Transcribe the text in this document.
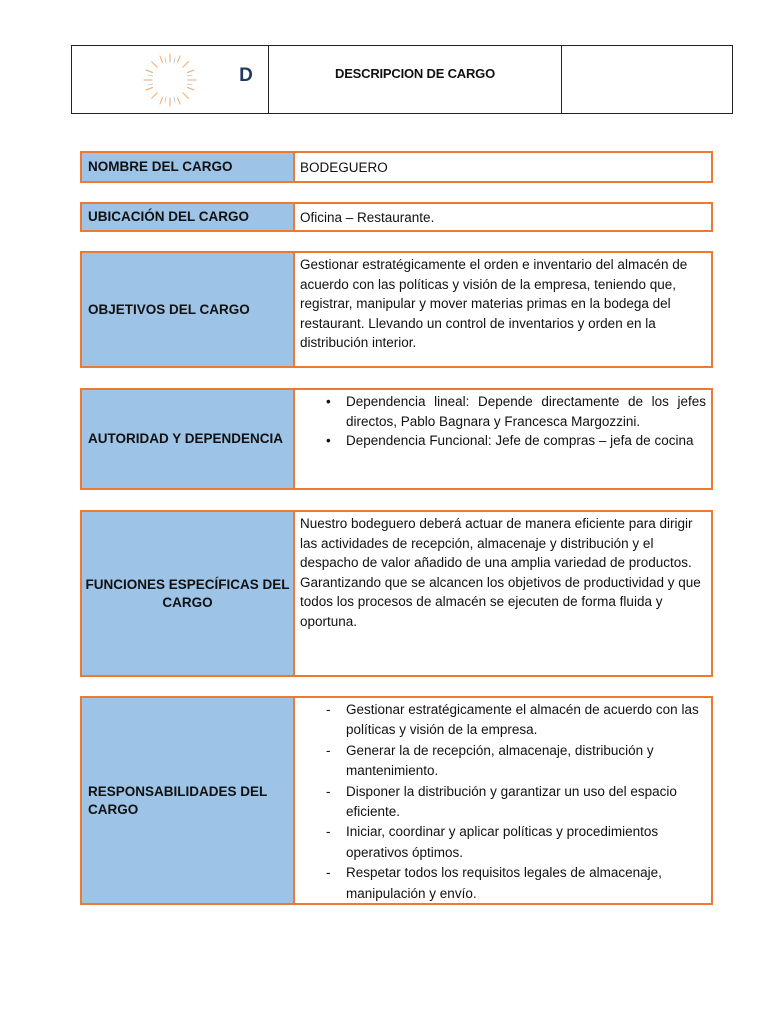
D	DESCRIPCION DE CARGO
NOMBRE DEL CARGO	BODEGUERO
UBICACIÓN DEL CARGO	Oficina – Restaurante.
OBJETIVOS DEL CARGO
Gestionar estratégicamente el orden e inventario del almacén de acuerdo con las políticas y visión de la empresa, teniendo que, registrar, manipular y mover materias primas en la bodega del restaurant. Llevando un control de inventarios y orden en la distribución interior.
AUTORIDAD Y DEPENDENCIA
• Dependencia lineal: Depende directamente de los jefes directos, Pablo Bagnara y Francesca Margozzini.
• Dependencia Funcional: Jefe de compras – jefa de cocina
FUNCIONES ESPECÍFICAS DEL CARGO
Nuestro bodeguero deberá actuar de manera eficiente para dirigir las actividades de recepción, almacenaje y distribución y el despacho de valor añadido de una amplia variedad de productos. Garantizando que se alcancen los objetivos de productividad y que todos los procesos de almacén se ejecuten de forma fluida y oportuna.
RESPONSABILIDADES DEL CARGO
- Gestionar estratégicamente el almacén de acuerdo con las políticas y visión de la empresa.
- Generar la de recepción, almacenaje, distribución y mantenimiento.
- Disponer la distribución y garantizar un uso del espacio eficiente.
- Iniciar, coordinar y aplicar políticas y procedimientos operativos óptimos.
- Respetar todos los requisitos legales de almacenaje, manipulación y envío.
